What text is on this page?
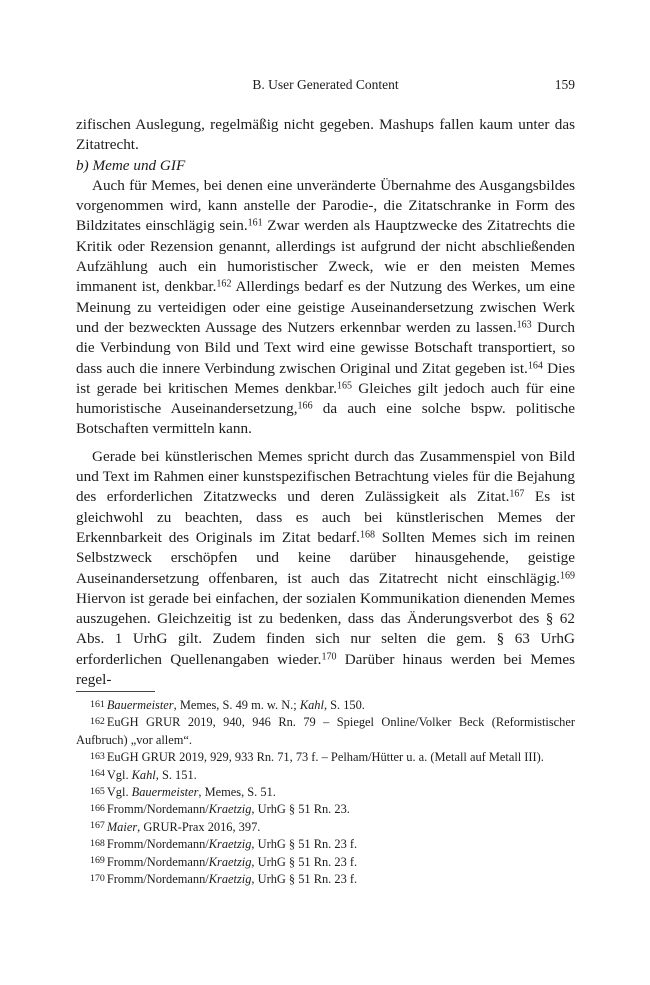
B. User Generated Content	159

zifischen Auslegung, regelmäßig nicht gegeben. Mashups fallen kaum unter das Zitatrecht.

b) Meme und GIF

Auch für Memes, bei denen eine unveränderte Übernahme des Ausgangsbildes vorgenommen wird, kann anstelle der Parodie-, die Zitatschranke in Form des Bildzitates einschlägig sein.$^{161}$ Zwar werden als Hauptzwecke des Zitatrechts die Kritik oder Rezension genannt, allerdings ist aufgrund der nicht abschließenden Aufzählung auch ein humoristischer Zweck, wie er den meisten Memes immanent ist, denkbar.$^{162}$ Allerdings bedarf es der Nutzung des Werkes, um eine Meinung zu verteidigen oder eine geistige Auseinandersetzung zwischen Werk und der bezweckten Aussage des Nutzers erkennbar werden zu lassen.$^{163}$ Durch die Verbindung von Bild und Text wird eine gewisse Botschaft transportiert, so dass auch die innere Verbindung zwischen Original und Zitat gegeben ist.$^{164}$ Dies ist gerade bei kritischen Memes denkbar.$^{165}$ Gleiches gilt jedoch auch für eine humoristische Auseinandersetzung,$^{166}$ da auch eine solche bspw. politische Botschaften vermitteln kann.

Gerade bei künstlerischen Memes spricht durch das Zusammenspiel von Bild und Text im Rahmen einer kunstspezifischen Betrachtung vieles für die Bejahung des erforderlichen Zitatzwecks und deren Zulässigkeit als Zitat.$^{167}$ Es ist gleichwohl zu beachten, dass es auch bei künstlerischen Memes der Erkennbarkeit des Originals im Zitat bedarf.$^{168}$ Sollten Memes sich im reinen Selbstzweck erschöpfen und keine darüber hinausgehende, geistige Auseinandersetzung offenbaren, ist auch das Zitatrecht nicht einschlägig.$^{169}$ Hiervon ist gerade bei einfachen, der sozialen Kommunikation dienenden Memes auszugehen. Gleichzeitig ist zu bedenken, dass das Änderungsverbot des § 62 Abs. 1 UrhG gilt. Zudem finden sich nur selten die gem. § 63 UrhG erforderlichen Quellenangaben wieder.$^{170}$ Darüber hinaus werden bei Memes regel-

161 Bauermeister, Memes, S. 49 m. w. N.; Kahl, S. 150.

162 EuGH GRUR 2019, 940, 946 Rn. 79 – Spiegel Online/Volker Beck (Reformistischer Aufbruch) „vor allem“.

163 EuGH GRUR 2019, 929, 933 Rn. 71, 73 f. – Pelham/Hütter u. a. (Metall auf Metall III).

164 Vgl. Kahl, S. 151.

165 Vgl. Bauermeister, Memes, S. 51.

166 Fromm/Nordemann/Kraetzig, UrhG § 51 Rn. 23.

167 Maier, GRUR-Prax 2016, 397.

168 Fromm/Nordemann/Kraetzig, UrhG § 51 Rn. 23 f.

169 Fromm/Nordemann/Kraetzig, UrhG § 51 Rn. 23 f.

170 Fromm/Nordemann/Kraetzig, UrhG § 51 Rn. 23 f.
